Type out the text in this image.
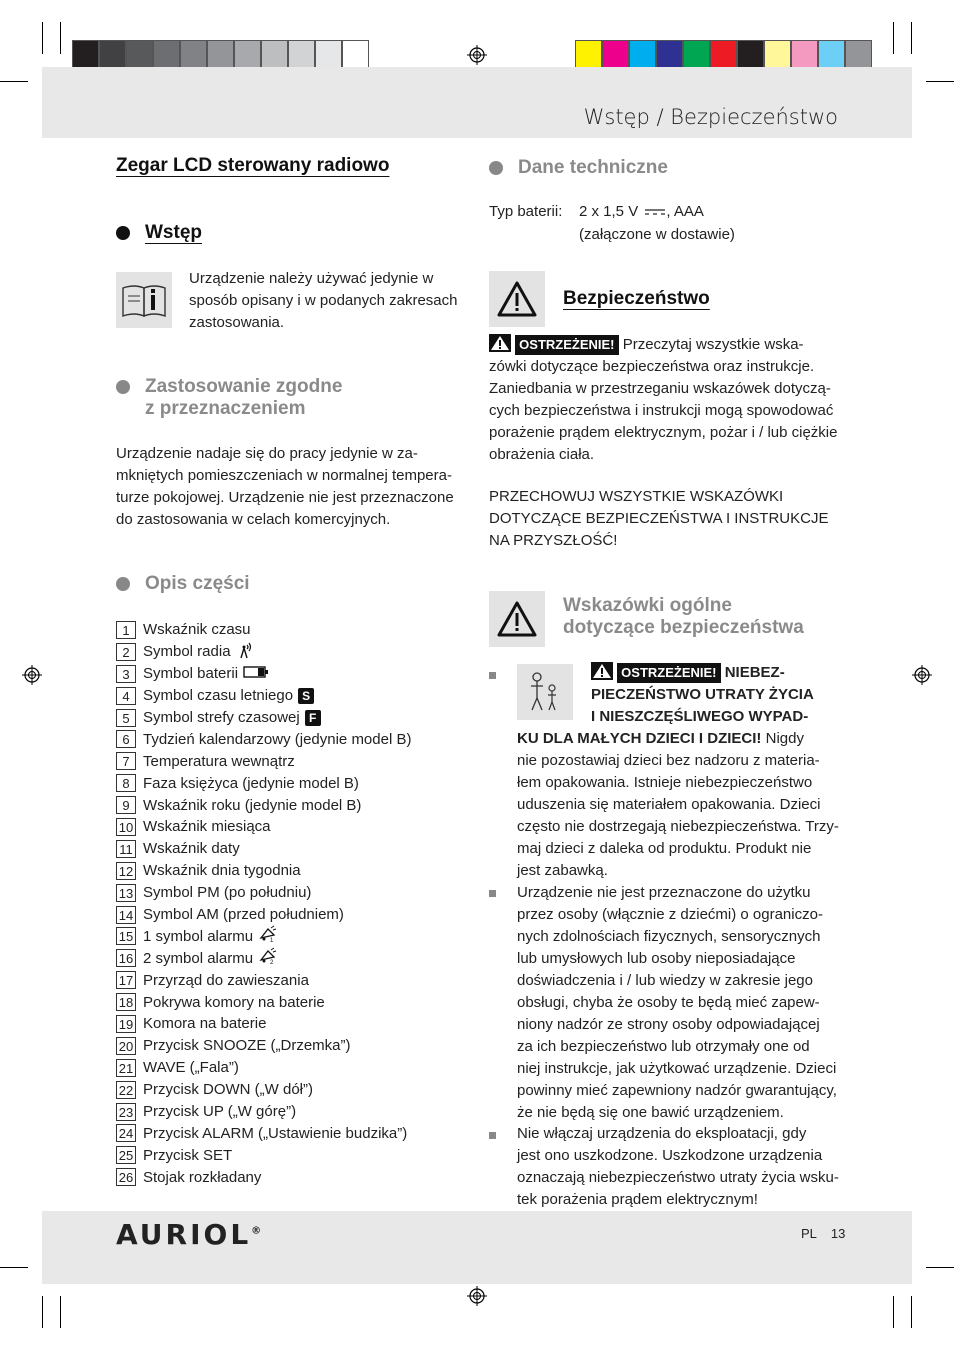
Wstęp / Bezpieczeństwo
Zegar LCD sterowany radiowo
Wstęp
Urządzenie należy używać jedynie w
sposób opisany i w podanych zakresach
zastosowania.
Zastosowanie zgodne
z przeznaczeniem
Urządzenie nadaje się do pracy jedynie w za-
mkniętych pomieszczeniach w normalnej tempera-
turze pokojowej. Urządzenie nie jest przeznaczone
do zastosowania w celach komercyjnych.
Opis części
1 Wskaźnik czasu
2 Symbol radia
3 Symbol baterii
4 Symbol czasu letniego S
5 Symbol strefy czasowej F
6 Tydzień kalendarzowy (jedynie model B)
7 Temperatura wewnątrz
8 Faza księżyca (jedynie model B)
9 Wskaźnik roku (jedynie model B)
10 Wskaźnik miesiąca
11 Wskaźnik daty
12 Wskaźnik dnia tygodnia
13 Symbol PM (po południu)
14 Symbol AM (przed południem)
15 1 symbol alarmu	1
16 2 symbol alarmu	2
17 Przyrząd do zawieszania
18 Pokrywa komory na baterie
19 Komora na baterie
20 Przycisk SNOOZE („Drzemka”)
21 WAVE („Fala”)
22 Przycisk DOWN („W dół”)
23 Przycisk UP („W górę”)
24 Przycisk ALARM („Ustawienie budzika”)
25 Przycisk SET
26 Stojak rozkładany
Dane techniczne
Typ baterii: 2 x 1,5 V , AAA
(załączone w dostawie)
Bezpieczeństwo
OSTRZEŻENIE! Przeczytaj wszystkie wska-
zówki dotyczące bezpieczeństwa oraz instrukcje.
Zaniedbania w przestrzeganiu wskazówek dotyczą-
cych bezpieczeństwa i instrukcji mogą spowodować
porażenie prądem elektrycznym, pożar i / lub ciężkie
obrażenia ciała.
PRZECHOWUJ WSZYSTKIE WSKAZÓWKI
DOTYCZĄCE BEZPIECZEŃSTWA I INSTRUKCJE
NA PRZYSZŁOŚĆ!
Wskazówki ogólne
dotyczące bezpieczeństwa
OSTRZEŻENIE! NIEBEZ-
PIECZEŃSTWO UTRATY ŻYCIA
I NIESZCZĘŚLIWEGO WYPAD-
KU DLA MAŁYCH DZIECI I DZIECI! Nigdy
nie pozostawiaj dzieci bez nadzoru z materia-
łem opakowania. Istnieje niebezpieczeństwo
uduszenia się materiałem opakowania. Dzieci
często nie dostrzegają niebezpieczeństwa. Trzy-
maj dzieci z daleka od produktu. Produkt nie
jest zabawką.
Urządzenie nie jest przeznaczone do użytku
przez osoby (włącznie z dziećmi) o ograniczo-
nych zdolnościach fizycznych, sensorycznych
lub umysłowych lub osoby nieposiadające
doświadczenia i / lub wiedzy w zakresie jego
obsługi, chyba że osoby te będą mieć zapew-
niony nadzór ze strony osoby odpowiadającej
za ich bezpieczeństwo lub otrzymały one od
niej instrukcje, jak użytkować urządzenie. Dzieci
powinny mieć zapewniony nadzór gwarantujący,
że nie będą się one bawić urządzeniem.
Nie włączaj urządzenia do eksploatacji, gdy
jest ono uszkodzone. Uszkodzone urządzenia
oznaczają niebezpieczeństwo utraty życia wsku-
tek porażenia prądem elektrycznym!
AURIOL®	PL 13
